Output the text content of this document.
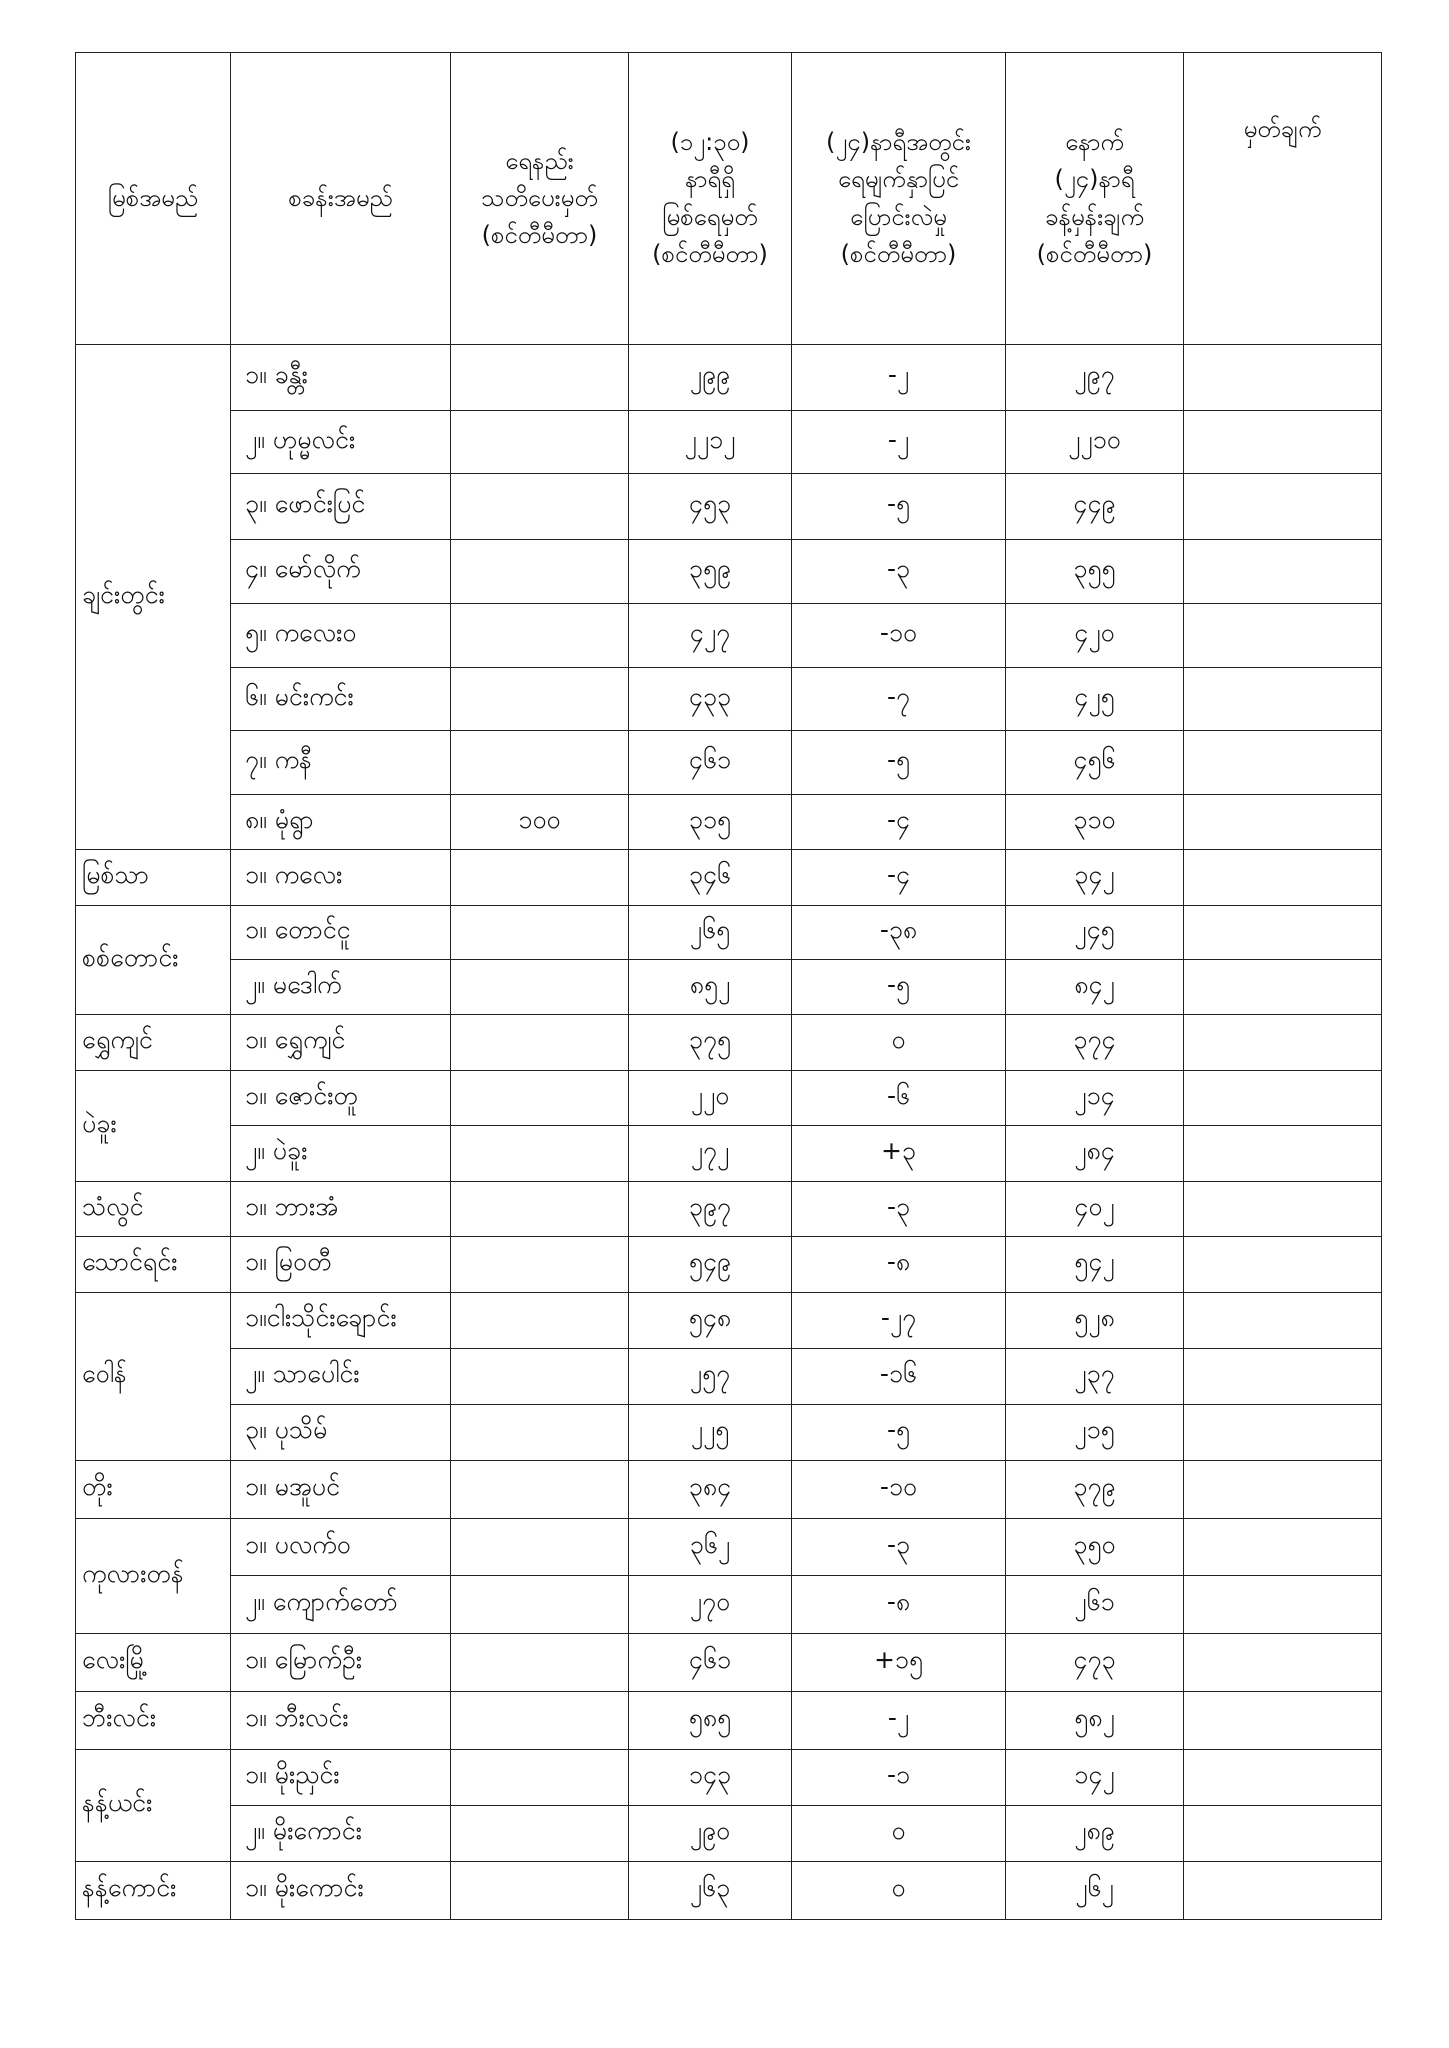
မြစ်အမည်	စခန်းအမည်	ရေနည်း
သတိပေးမှတ်
(စင်တီမီတာ)	(၁၂:၃၀)
နာရီရှိ
မြစ်ရေမှတ်
(စင်တီမီတာ)	(၂၄)နာရီအတွင်း
ရေမျက်နှာပြင်
ပြောင်းလဲမှု
(စင်တီမီတာ)	နောက်
(၂၄)နာရီ
ခန့်မှန်းချက်
(စင်တီမီတာ)	မှတ်ချက်

ချင်းတွင်း	၁။ ခန္တီး		၂၉၉	-၂	၂၉၇	
	၂။ ဟုမ္မလင်း		၂၂၁၂	-၂	၂၂၁၀	
	၃။ ဖောင်းပြင်		၄၅၃	-၅	၄၄၉	
	၄။ မော်လိုက်		၃၅၉	-၃	၃၅၅	
	၅။ ကလေးဝ		၄၂၇	-၁၀	၄၂၀	
	၆။ မင်းကင်း		၄၃၃	-၇	၄၂၅	
	၇။ ကနီ		၄၆၁	-၅	၄၅၆	
	၈။ မုံရွာ	၁၀၀	၃၁၅	-၄	၃၁၀	
မြစ်သာ	၁။ ကလေး		၃၄၆	-၄	၃၄၂	
စစ်တောင်း	၁။ တောင်ငူ		၂၆၅	-၃၈	၂၄၅	
	၂။ မဒေါက်		၈၅၂	-၅	၈၄၂	
ရွှေကျင်	၁။ ရွှေကျင်		၃၇၅	၀	၃၇၄	
ပဲခူး	၁။ ဇောင်းတူ		၂၂၀	-၆	၂၁၄	
	၂။ ပဲခူး		၂၇၂	+၃	၂၈၄	
သံလွင်	၁။ ဘားအံ		၃၉၇	-၃	၄၀၂	
သောင်ရင်း	၁။ မြဝတီ		၅၄၉	-၈	၅၄၂	
ဝေါန်	၁။ငါးသိုင်းချောင်း		၅၄၈	-၂၇	၅၂၈	
	၂။ သာပေါင်း		၂၅၇	-၁၆	၂၃၇	
	၃။ ပုသိမ်		၂၂၅	-၅	၂၁၅	
တိုး	၁။ မအူပင်		၃၈၄	-၁၀	၃၇၉	
ကုလားတန်	၁။ ပလက်ဝ		၃၆၂	-၃	၃၅၀	
	၂။ ကျောက်တော်		၂၇၀	-၈	၂၆၁	
လေးမြို့	၁။ မြောက်ဦး		၄၆၁	+၁၅	၄၇၃	
ဘီးလင်း	၁။ ဘီးလင်း		၅၈၅	-၂	၅၈၂	
နန့်ယင်း	၁။ မိုးညှင်း		၁၄၃	-၁	၁၄၂	
	၂။ မိုးကောင်း		၂၉၀	၀	၂၈၉	
နန့်ကောင်း	၁။ မိုးကောင်း		၂၆၃	၀	၂၆၂	
